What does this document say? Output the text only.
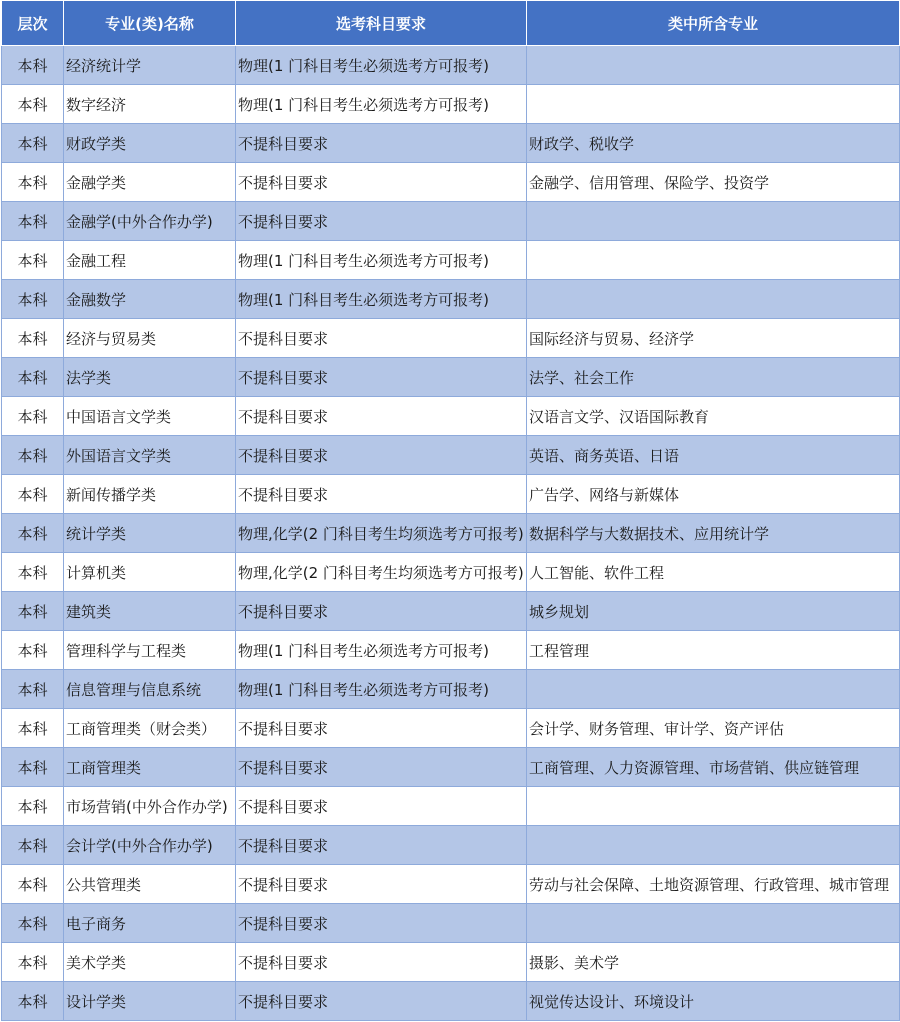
层次	专业(类)名称	选考科目要求	类中所含专业
本科	经济统计学	物理(1 门科目考生必须选考方可报考)	
本科	数字经济	物理(1 门科目考生必须选考方可报考)	
本科	财政学类	不提科目要求	财政学、税收学
本科	金融学类	不提科目要求	金融学、信用管理、保险学、投资学
本科	金融学(中外合作办学)	不提科目要求	
本科	金融工程	物理(1 门科目考生必须选考方可报考)	
本科	金融数学	物理(1 门科目考生必须选考方可报考)	
本科	经济与贸易类	不提科目要求	国际经济与贸易、经济学
本科	法学类	不提科目要求	法学、社会工作
本科	中国语言文学类	不提科目要求	汉语言文学、汉语国际教育
本科	外国语言文学类	不提科目要求	英语、商务英语、日语
本科	新闻传播学类	不提科目要求	广告学、网络与新媒体
本科	统计学类	物理,化学(2 门科目考生均须选考方可报考)	数据科学与大数据技术、应用统计学
本科	计算机类	物理,化学(2 门科目考生均须选考方可报考)	人工智能、软件工程
本科	建筑类	不提科目要求	城乡规划
本科	管理科学与工程类	物理(1 门科目考生必须选考方可报考)	工程管理
本科	信息管理与信息系统	物理(1 门科目考生必须选考方可报考)	
本科	工商管理类（财会类）	不提科目要求	会计学、财务管理、审计学、资产评估
本科	工商管理类	不提科目要求	工商管理、人力资源管理、市场营销、供应链管理
本科	市场营销(中外合作办学)	不提科目要求	
本科	会计学(中外合作办学)	不提科目要求	
本科	公共管理类	不提科目要求	劳动与社会保障、土地资源管理、行政管理、城市管理
本科	电子商务	不提科目要求	
本科	美术学类	不提科目要求	摄影、美术学
本科	设计学类	不提科目要求	视觉传达设计、环境设计
